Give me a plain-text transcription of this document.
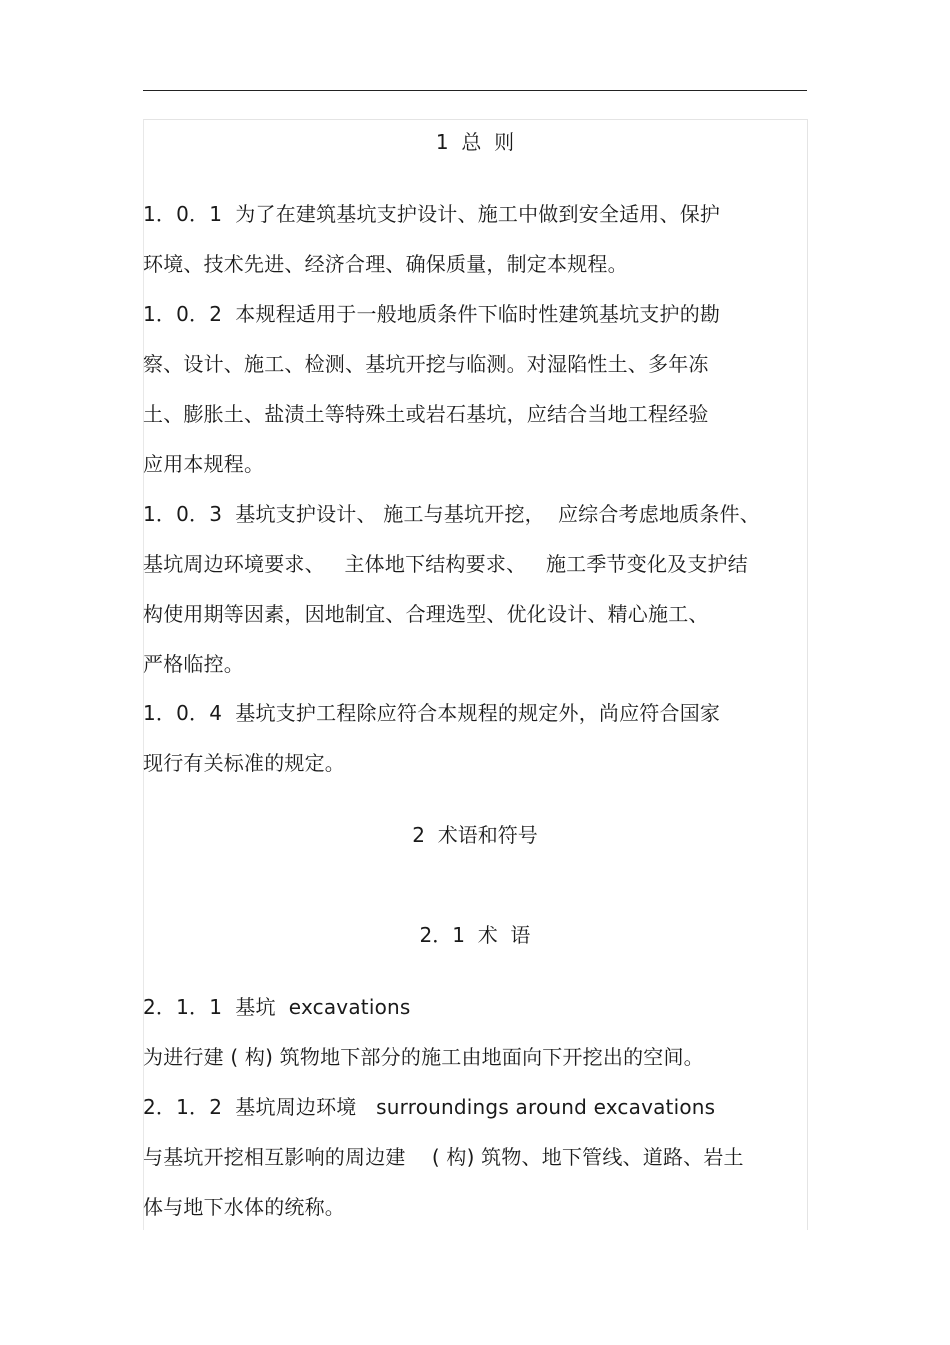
1  总  则
1．0．1  为了在建筑基坑支护设计、施工中做到安全适用、保护
环境、技术先进、经济合理、确保质量，制定本规程。
1．0．2  本规程适用于一般地质条件下临时性建筑基坑支护的勘
察、设计、施工、检测、基坑开挖与临测。对湿陷性土、多年冻
土、膨胀土、盐渍土等特殊土或岩石基坑，应结合当地工程经验
应用本规程。
1．0．3  基坑支护设计、 施工与基坑开挖，  应综合考虑地质条件、
基坑周边环境要求、   主体地下结构要求、   施工季节变化及支护结
构使用期等因素，因地制宜、合理选型、优化设计、精心施工、
严格临控。
1．0．4  基坑支护工程除应符合本规程的规定外，尚应符合国家
现行有关标准的规定。
2  术语和符号
2．1  术  语
2．1．1  基坑  excavations
为进行建 ( 构) 筑物地下部分的施工由地面向下开挖出的空间。
2．1．2  基坑周边环境   surroundings around excavations
与基坑开挖相互影响的周边建    ( 构) 筑物、地下管线、道路、岩土
体与地下水体的统称。
